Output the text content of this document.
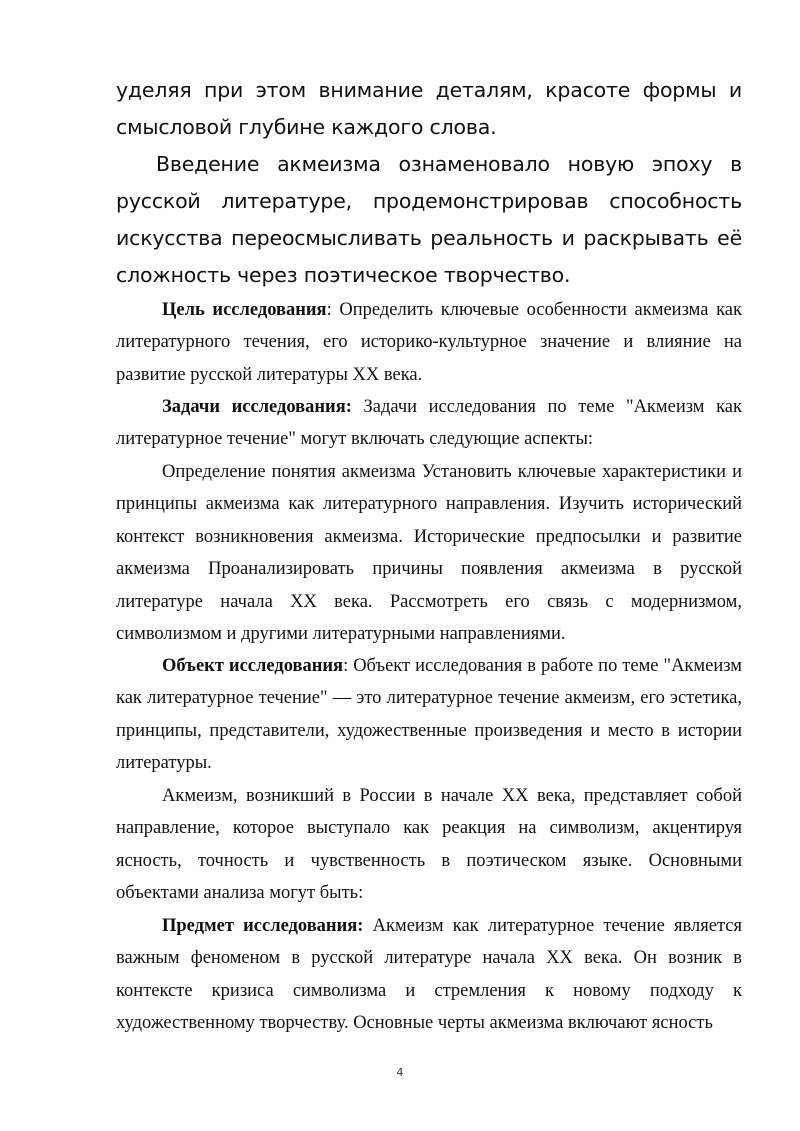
уделяя при этом внимание деталям, красоте формы и смысловой глубине каждого слова.

Введение акмеизма ознаменовало новую эпоху в русской литературе, продемонстрировав способность искусства переосмысливать реальность и раскрывать её сложность через поэтическое творчество.

Цель исследования: Определить ключевые особенности акмеизма как литературного течения, его историко-культурное значение и влияние на развитие русской литературы XX века.

Задачи исследования: Задачи исследования по теме "Акмеизм как литературное течение" могут включать следующие аспекты:

Определение понятия акмеизма Установить ключевые характеристики и принципы акмеизма как литературного направления. Изучить исторический контекст возникновения акмеизма. Исторические предпосылки и развитие акмеизма Проанализировать причины появления акмеизма в русской литературе начала XX века. Рассмотреть его связь с модернизмом, символизмом и другими литературными направлениями.

Объект исследования: Объект исследования в работе по теме "Акмеизм как литературное течение" — это литературное течение акмеизм, его эстетика, принципы, представители, художественные произведения и место в истории литературы.

Акмеизм, возникший в России в начале XX века, представляет собой направление, которое выступало как реакция на символизм, акцентируя ясность, точность и чувственность в поэтическом языке. Основными объектами анализа могут быть:

Предмет исследования: Акмеизм как литературное течение является важным феноменом в русской литературе начала XX века. Он возник в контексте кризиса символизма и стремления к новому подходу к художественному творчеству. Основные черты акмеизма включают ясность

4
